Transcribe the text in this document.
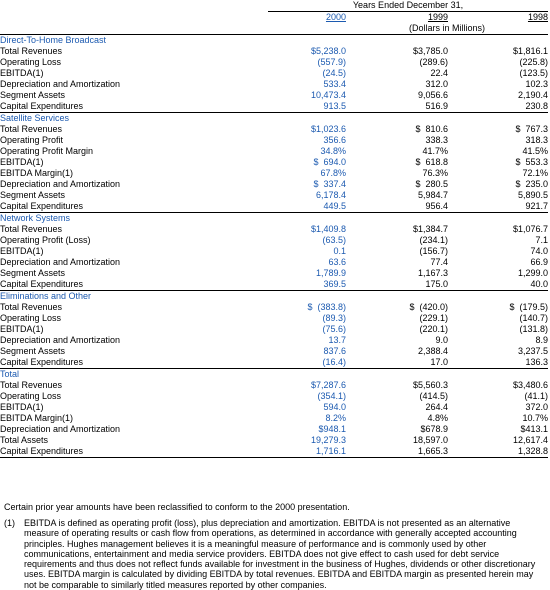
	Years Ended December 31,		
	2000	1999	1998
		(Dollars in Millions)	
Direct-To-Home Broadcast			
Total Revenues	$5,238.0	$3,785.0	$1,816.1
Operating Loss	(557.9)	(289.6)	(225.8)
EBITDA(1)	(24.5)	22.4	(123.5)
Depreciation and Amortization	533.4	312.0	102.3
Segment Assets	10,473.4	9,056.6	2,190.4
Capital Expenditures	913.5	516.9	230.8
Satellite Services			
Total Revenues	$1,023.6	$  810.6	$  767.3
Operating Profit	356.6	338.3	318.3
Operating Profit Margin	34.8%	41.7%	41.5%
EBITDA(1)	$  694.0	$  618.8	$  553.3
EBITDA Margin(1)	67.8%	76.3%	72.1%
Depreciation and Amortization	$  337.4	$  280.5	$  235.0
Segment Assets	6,178.4	5,984.7	5,890.5
Capital Expenditures	449.5	956.4	921.7
Network Systems			
Total Revenues	$1,409.8	$1,384.7	$1,076.7
Operating Profit (Loss)	(63.5)	(234.1)	7.1
EBITDA(1)	0.1	(156.7)	74.0
Depreciation and Amortization	63.6	77.4	66.9
Segment Assets	1,789.9	1,167.3	1,299.0
Capital Expenditures	369.5	175.0	40.0
Eliminations and Other			
Total Revenues	$  (383.8)	$  (420.0)	$  (179.5)
Operating Loss	(89.3)	(229.1)	(140.7)
EBITDA(1)	(75.6)	(220.1)	(131.8)
Depreciation and Amortization	13.7	9.0	8.9
Segment Assets	837.6	2,388.4	3,237.5
Capital Expenditures	(16.4)	17.0	136.3
Total			
Total Revenues	$7,287.6	$5,560.3	$3,480.6
Operating Loss	(354.1)	(414.5)	(41.1)
EBITDA(1)	594.0	264.4	372.0
EBITDA Margin(1)	8.2%	4.8%	10.7%
Depreciation and Amortization	$948.1	$678.9	$413.1
Total Assets	19,279.3	18,597.0	12,617.4
Capital Expenditures	1,716.1	1,665.3	1,328.8
Certain prior year amounts have been reclassified to conform to the 2000 presentation.
(1) EBITDA is defined as operating profit (loss), plus depreciation and amortization. EBITDA is not presented as an alternative measure of operating results or cash flow from operations, as determined in accordance with generally accepted accounting principles. Hughes management believes it is a meaningful measure of performance and is commonly used by other communications, entertainment and media service providers. EBITDA does not give effect to cash used for debt service requirements and thus does not reflect funds available for investment in the business of Hughes, dividends or other discretionary uses. EBITDA margin is calculated by dividing EBITDA by total revenues. EBITDA and EBITDA margin as presented herein may not be comparable to similarly titled measures reported by other companies.
